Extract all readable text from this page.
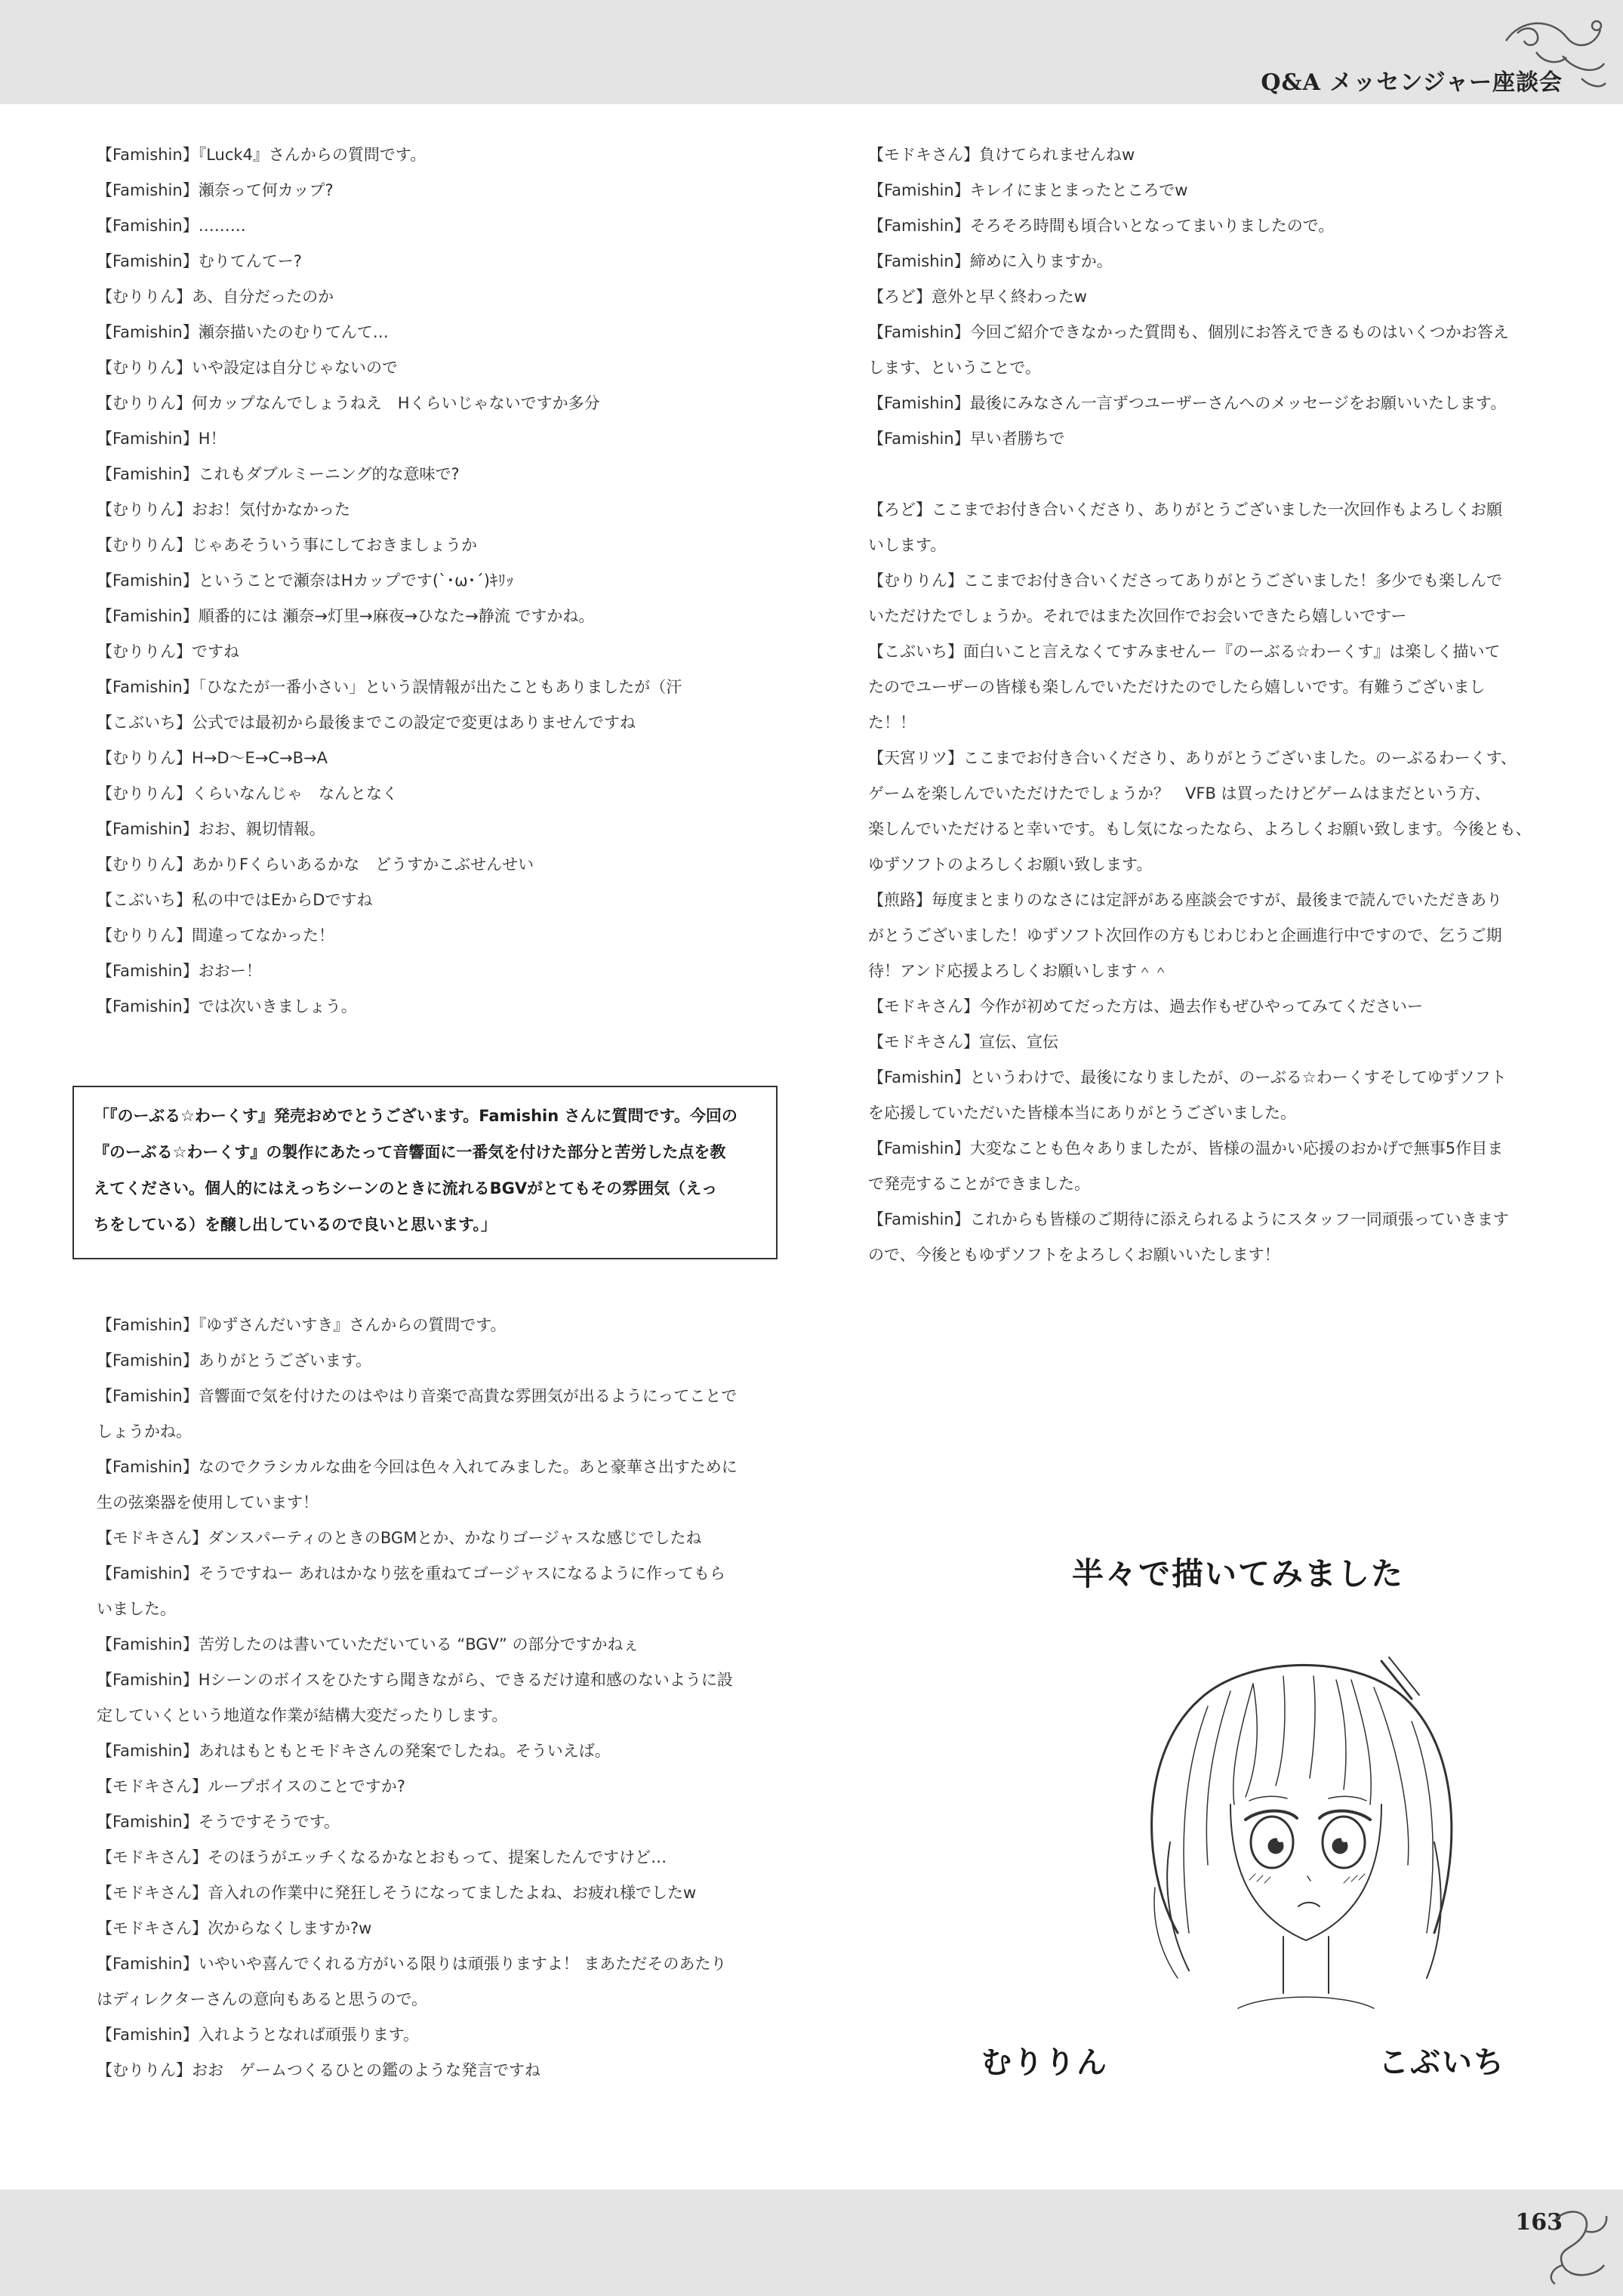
Q&A メッセンジャー座談会
【Famishin】『Luck4』さんからの質問です。
【Famishin】瀬奈って何カップ?
【Famishin】………
【Famishin】むりてんてー?
【むりりん】あ、自分だったのか
【Famishin】瀬奈描いたのむりてんて…
【むりりん】いや設定は自分じゃないので
【むりりん】何カップなんでしょうねえ　Hくらいじゃないですか多分
【Famishin】H！
【Famishin】これもダブルミーニング的な意味で?
【むりりん】おお！気付かなかった
【むりりん】じゃあそういう事にしておきましょうか
【Famishin】ということで瀬奈はHカップです(`･ω･´)ｷﾘｯ
【Famishin】順番的には 瀬奈→灯里→麻夜→ひなた→静流 ですかね。
【むりりん】ですね
【Famishin】「ひなたが一番小さい」という誤情報が出たこともありましたが（汗
【こぶいち】公式では最初から最後までこの設定で変更はありませんですね
【むりりん】H→D～E→C→B→A
【むりりん】くらいなんじゃ　なんとなく
【Famishin】おお、親切情報。
【むりりん】あかりFくらいあるかな　どうすかこぶせんせい
【こぶいち】私の中ではEからDですね
【むりりん】間違ってなかった！
【Famishin】おおー！
【Famishin】では次いきましょう。
「『のーぶる☆わーくす』発売おめでとうございます。Famishin さんに質問です。今回の
『のーぶる☆わーくす』の製作にあたって音響面に一番気を付けた部分と苦労した点を教
えてください。個人的にはえっちシーンのときに流れるBGVがとてもその雰囲気（えっ
ちをしている）を醸し出しているので良いと思います。」
【Famishin】『ゆずさんだいすき』さんからの質問です。
【Famishin】ありがとうございます。
【Famishin】音響面で気を付けたのはやはり音楽で高貴な雰囲気が出るようにってことで
しょうかね。
【Famishin】なのでクラシカルな曲を今回は色々入れてみました。あと豪華さ出すために
生の弦楽器を使用しています！
【モドキさん】ダンスパーティのときのBGMとか、かなりゴージャスな感じでしたね
【Famishin】そうですねー あれはかなり弦を重ねてゴージャスになるように作ってもら
いました。
【Famishin】苦労したのは書いていただいている “BGV” の部分ですかねぇ
【Famishin】Hシーンのボイスをひたすら聞きながら、できるだけ違和感のないように設
定していくという地道な作業が結構大変だったりします。
【Famishin】あれはもともとモドキさんの発案でしたね。そういえば。
【モドキさん】ループボイスのことですか?
【Famishin】そうですそうです。
【モドキさん】そのほうがエッチくなるかなとおもって、提案したんですけど…
【モドキさん】音入れの作業中に発狂しそうになってましたよね、お疲れ様でしたw
【モドキさん】次からなくしますか?w
【Famishin】いやいや喜んでくれる方がいる限りは頑張りますよ！ まあただそのあたり
はディレクターさんの意向もあると思うので。
【Famishin】入れようとなれば頑張ります。
【むりりん】おお　ゲームつくるひとの鑑のような発言ですね
【モドキさん】負けてられませんねw
【Famishin】キレイにまとまったところでw
【Famishin】そろそろ時間も頃合いとなってまいりましたので。
【Famishin】締めに入りますか。
【ろど】意外と早く終わったw
【Famishin】今回ご紹介できなかった質問も、個別にお答えできるものはいくつかお答え
します、ということで。
【Famishin】最後にみなさん一言ずつユーザーさんへのメッセージをお願いいたします。
【Famishin】早い者勝ちで
【ろど】ここまでお付き合いくださり、ありがとうございました一次回作もよろしくお願
いします。
【むりりん】ここまでお付き合いくださってありがとうございました！多少でも楽しんで
いただけたでしょうか。それではまた次回作でお会いできたら嬉しいですー
【こぶいち】面白いこと言えなくてすみませんー『のーぶる☆わーくす』は楽しく描いて
たのでユーザーの皆様も楽しんでいただけたのでしたら嬉しいです。有難うございまし
た！！
【天宮リツ】ここまでお付き合いくださり、ありがとうございました。のーぶるわーくす、
ゲームを楽しんでいただけたでしょうか？　VFB は買ったけどゲームはまだという方、
楽しんでいただけると幸いです。もし気になったなら、よろしくお願い致します。今後とも、
ゆずソフトのよろしくお願い致します。
【煎路】毎度まとまりのなさには定評がある座談会ですが、最後まで読んでいただきあり
がとうございました！ゆずソフト次回作の方もじわじわと企画進行中ですので、乞うご期
待！アンド応援よろしくお願いします＾＾
【モドキさん】今作が初めてだった方は、過去作もぜひやってみてくださいー
【モドキさん】宣伝、宣伝
【Famishin】というわけで、最後になりましたが、のーぶる☆わーくすそしてゆずソフト
を応援していただいた皆様本当にありがとうございました。
【Famishin】大変なことも色々ありましたが、皆様の温かい応援のおかげで無事5作目ま
で発売することができました。
【Famishin】これからも皆様のご期待に添えられるようにスタッフ一同頑張っていきます
ので、今後ともゆずソフトをよろしくお願いいたします！
半々で描いてみました
むりりん	こぶいち
163
